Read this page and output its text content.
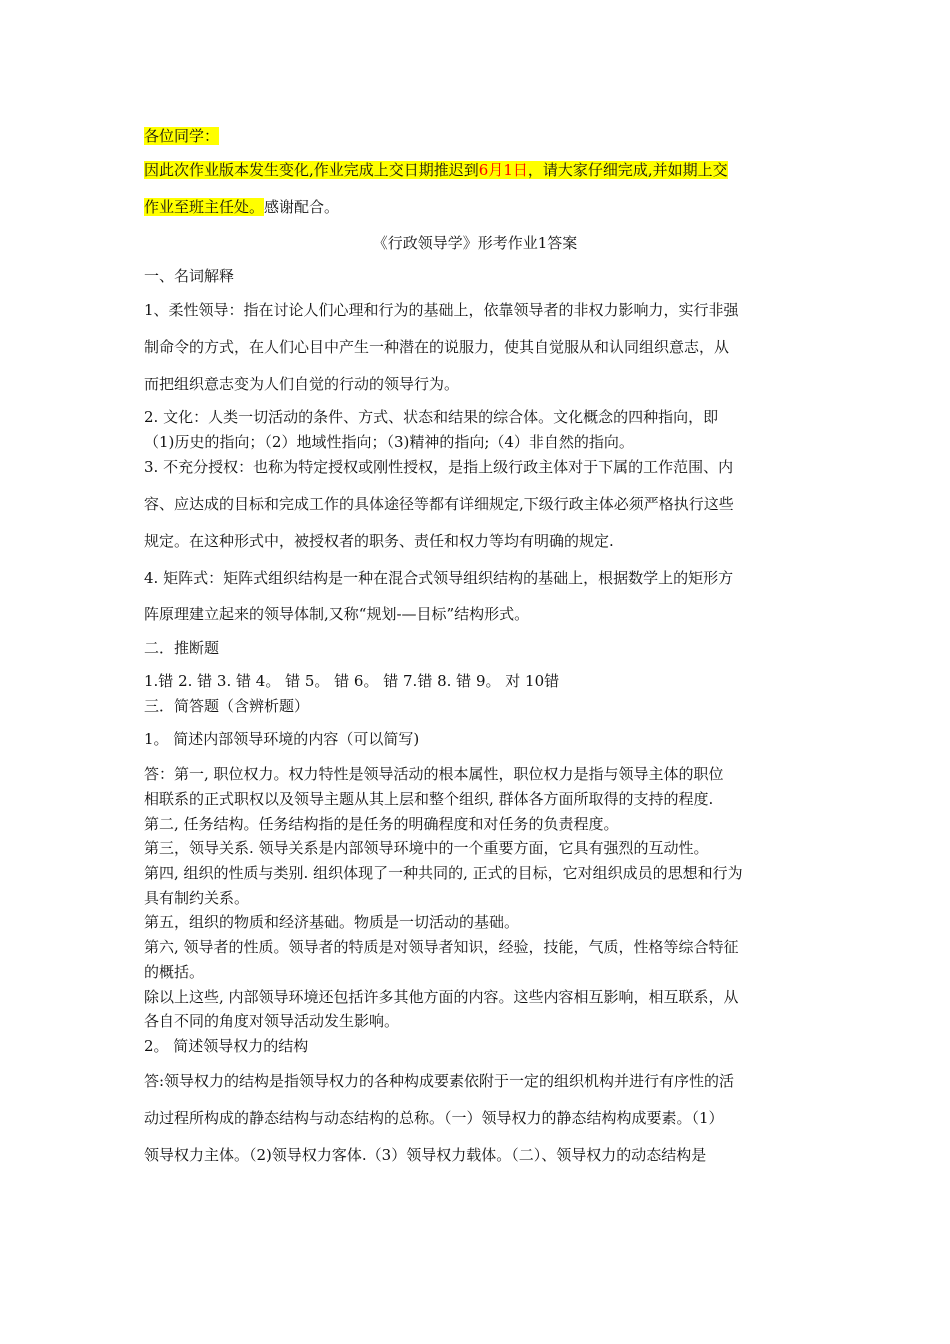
各位同学：
因此次作业版本发生变化,作业完成上交日期推迟到6月1日，请大家仔细完成,并如期上交
作业至班主任处。感谢配合。
《行政领导学》形考作业1答案
一、名词解释
1、柔性领导：指在讨论人们心理和行为的基础上，依靠领导者的非权力影响力，实行非强
制命令的方式，在人们心目中产生一种潜在的说服力，使其自觉服从和认同组织意志，从
而把组织意志变为人们自觉的行动的领导行为。
2. 文化：人类一切活动的条件、方式、状态和结果的综合体。文化概念的四种指向，即
（1)历史的指向；（2）地域性指向；（3)精神的指向;（4）非自然的指向。
3. 不充分授权：也称为特定授权或刚性授权，是指上级行政主体对于下属的工作范围、内
容、应达成的目标和完成工作的具体途径等都有详细规定,下级行政主体必须严格执行这些
规定。在这种形式中，被授权者的职务、责任和权力等均有明确的规定.
4. 矩阵式：矩阵式组织结构是一种在混合式领导组织结构的基础上，根据数学上的矩形方
阵原理建立起来的领导体制,又称“规划-—目标”结构形式。
二．推断题
1.错 2. 错 3. 错 4。 错 5。 错 6。 错 7.错 8. 错 9。 对 10错
三．简答题（含辨析题）
1。 简述内部领导环境的内容（可以简写)
答：第一, 职位权力。权力特性是领导活动的根本属性，职位权力是指与领导主体的职位
相联系的正式职权以及领导主题从其上层和整个组织, 群体各方面所取得的支持的程度.
第二, 任务结构。任务结构指的是任务的明确程度和对任务的负责程度。
第三，领导关系. 领导关系是内部领导环境中的一个重要方面，它具有强烈的互动性。
第四, 组织的性质与类别. 组织体现了一种共同的, 正式的目标，它对组织成员的思想和行为
具有制约关系。
第五，组织的物质和经济基础。物质是一切活动的基础。
第六, 领导者的性质。领导者的特质是对领导者知识，经验，技能，气质，性格等综合特征
的概括。
除以上这些, 内部领导环境还包括许多其他方面的内容。这些内容相互影响，相互联系，从
各自不同的角度对领导活动发生影响。
2。 简述领导权力的结构
答:领导权力的结构是指领导权力的各种构成要素依附于一定的组织机构并进行有序性的活
动过程所构成的静态结构与动态结构的总称。（一）领导权力的静态结构构成要素。（1）
领导权力主体。（2)领导权力客体.（3）领导权力载体。（二）、领导权力的动态结构是
